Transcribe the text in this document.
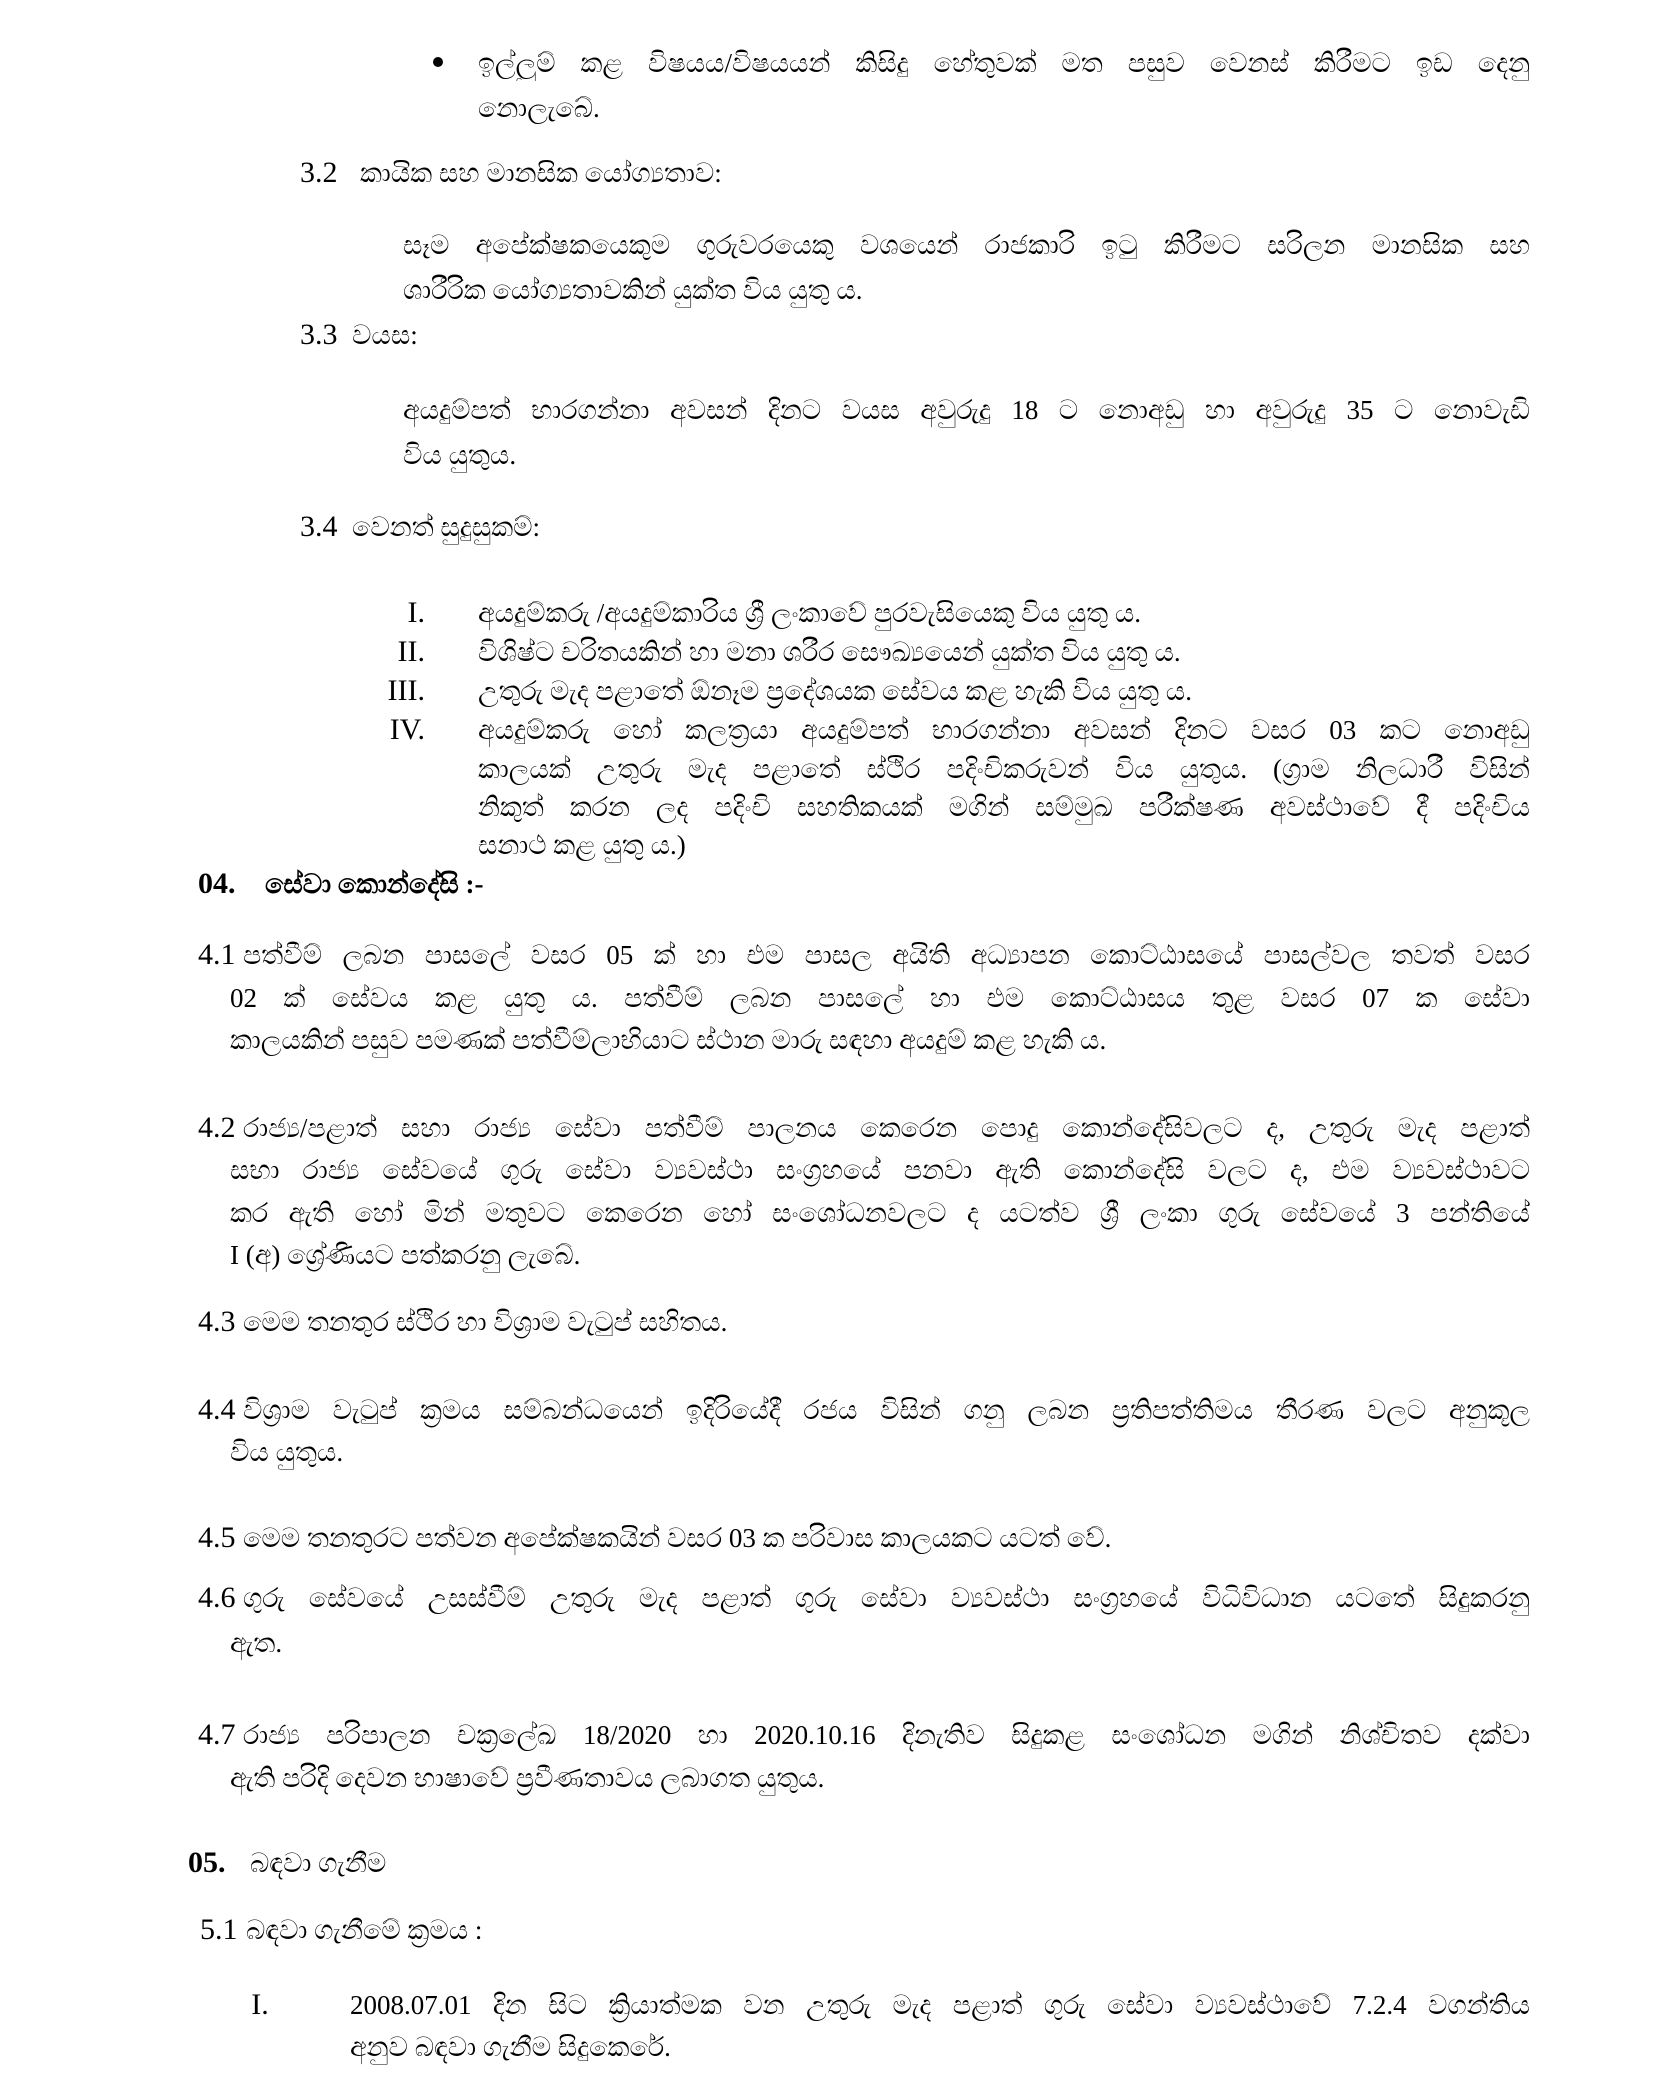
ඉල්ලුම් කළ විෂයය/විෂයයන් කිසිදු හේතුවක් මත පසුව වෙනස් කිරීමට ඉඩ දෙනු
නොලැබේ.
3.2 කායික සහ මානසික යෝග්‍යතාව:
සෑම අපේක්ෂකයෙකුම ගුරුවරයෙකු වශයෙන් රාජකාරි ඉටු කිරීමට සරිලන මානසික සහ
ශාරීරික යෝග්‍යතාවකින් යුක්ත විය යුතු ය.
3.3 වයස:
අයදුම්පත් භාරගන්නා අවසන් දිනට වයස අවුරුදු 18 ට නොඅඩු හා අවුරුදු 35 ට නොවැඩි
විය යුතුය.
3.4 වෙනත් සුදුසුකම්:
I. අයදුම්කරු /අයදුම්කාරිය ශ්‍රී ලංකාවේ පුරවැසියෙකු විය යුතු ය.
II. විශිෂ්ට චරිතයකින් හා මනා ශරීර සෞඛ්‍යයෙන් යුක්ත විය යුතු ය.
III. උතුරු මැද පළාතේ ඕනෑම ප්‍රදේශයක සේවය කළ හැකි විය යුතු ය.
IV. අයදුම්කරු හෝ කලත්‍රයා අයදුම්පත් භාරගන්නා අවසන් දිනට වසර 03 කට නොඅඩු
කාලයක් උතුරු මැද පළාතේ ස්ථිර පදිංචිකරුවන් විය යුතුය. (ග්‍රාම නිලධාරී විසින්
නිකුත් කරන ලද පදිංචි සහතිකයක් මගින් සම්මුඛ පරීක්ෂණ අවස්ථාවේ දී පදිංචිය
සනාථ කළ යුතු ය.)
04. සේවා කොන්දේසි :-
4.1 පත්වීම් ලබන පාසලේ වසර 05 ක් හා එම පාසල අයිති අධ්‍යාපන කොට්ඨාසයේ පාසල්වල තවත් වසර
02 ක් සේවය කළ යුතු ය. පත්වීම් ලබන පාසලේ හා එම කොට්ඨාසය තුළ වසර 07 ක සේවා
කාලයකින් පසුව පමණක් පත්වීම්ලාභියාට ස්ථාන මාරු සඳහා අයදුම් කළ හැකි ය.
4.2 රාජ්‍ය/පළාත් සහා රාජ්‍ය සේවා පත්වීම් පාලනය කෙරෙන පොදු කොන්දේසිවලට ද, උතුරු මැද පළාත්
සභා රාජ්‍ය සේවයේ ගුරු සේවා ව්‍යවස්ථා සංග්‍රහයේ පනවා ඇති කොන්දේසි වලට ද, එම ව්‍යවස්ථාවට
කර ඇති හෝ මින් මතුවට කෙරෙන හෝ සංශෝධනවලට ද යටත්ව ශ්‍රී ලංකා ගුරු සේවයේ 3 පන්තියේ
I (අ) ශ්‍රේණියට පත්කරනු ලැබේ.
4.3 මෙම තනතුර ස්ථිර හා විශ්‍රාම වැටුප් සහිතය.
4.4 විශ්‍රාම වැටුප් ක්‍රමය සම්බන්ධයෙන් ඉදිරියේදී රජය විසින් ගනු ලබන ප්‍රතිපත්තිමය තීරණ වලට අනුකූල
විය යුතුය.
4.5 මෙම තනතුරට පත්වන අපේක්ෂකයින් වසර 03 ක පරිවාස කාලයකට යටත් වේ.
4.6 ගුරු සේවයේ උසස්වීම් උතුරු මැද පළාත් ගුරු සේවා ව්‍යවස්ථා සංග්‍රහයේ විධිවිධාන යටතේ සිදුකරනු
ඇත.
4.7 රාජ්‍ය පරිපාලන චක්‍රලේඛ 18/2020 හා 2020.10.16 දිනැතිව සිදුකළ සංශෝධන මගින් නිශ්චිතව දක්වා
ඇති පරිදි දෙවන භාෂාවේ ප්‍රවීණතාවය ලබාගත යුතුය.
05. බඳවා ගැනීම
5.1 බඳවා ගැනීමේ ක්‍රමය :
I.	2008.07.01 දින සිට ක්‍රියාත්මක වන උතුරු මැද පළාත් ගුරු සේවා ව්‍යවස්ථාවේ 7.2.4 වගන්තිය
අනුව බඳවා ගැනීම සිදුකෙරේ.
